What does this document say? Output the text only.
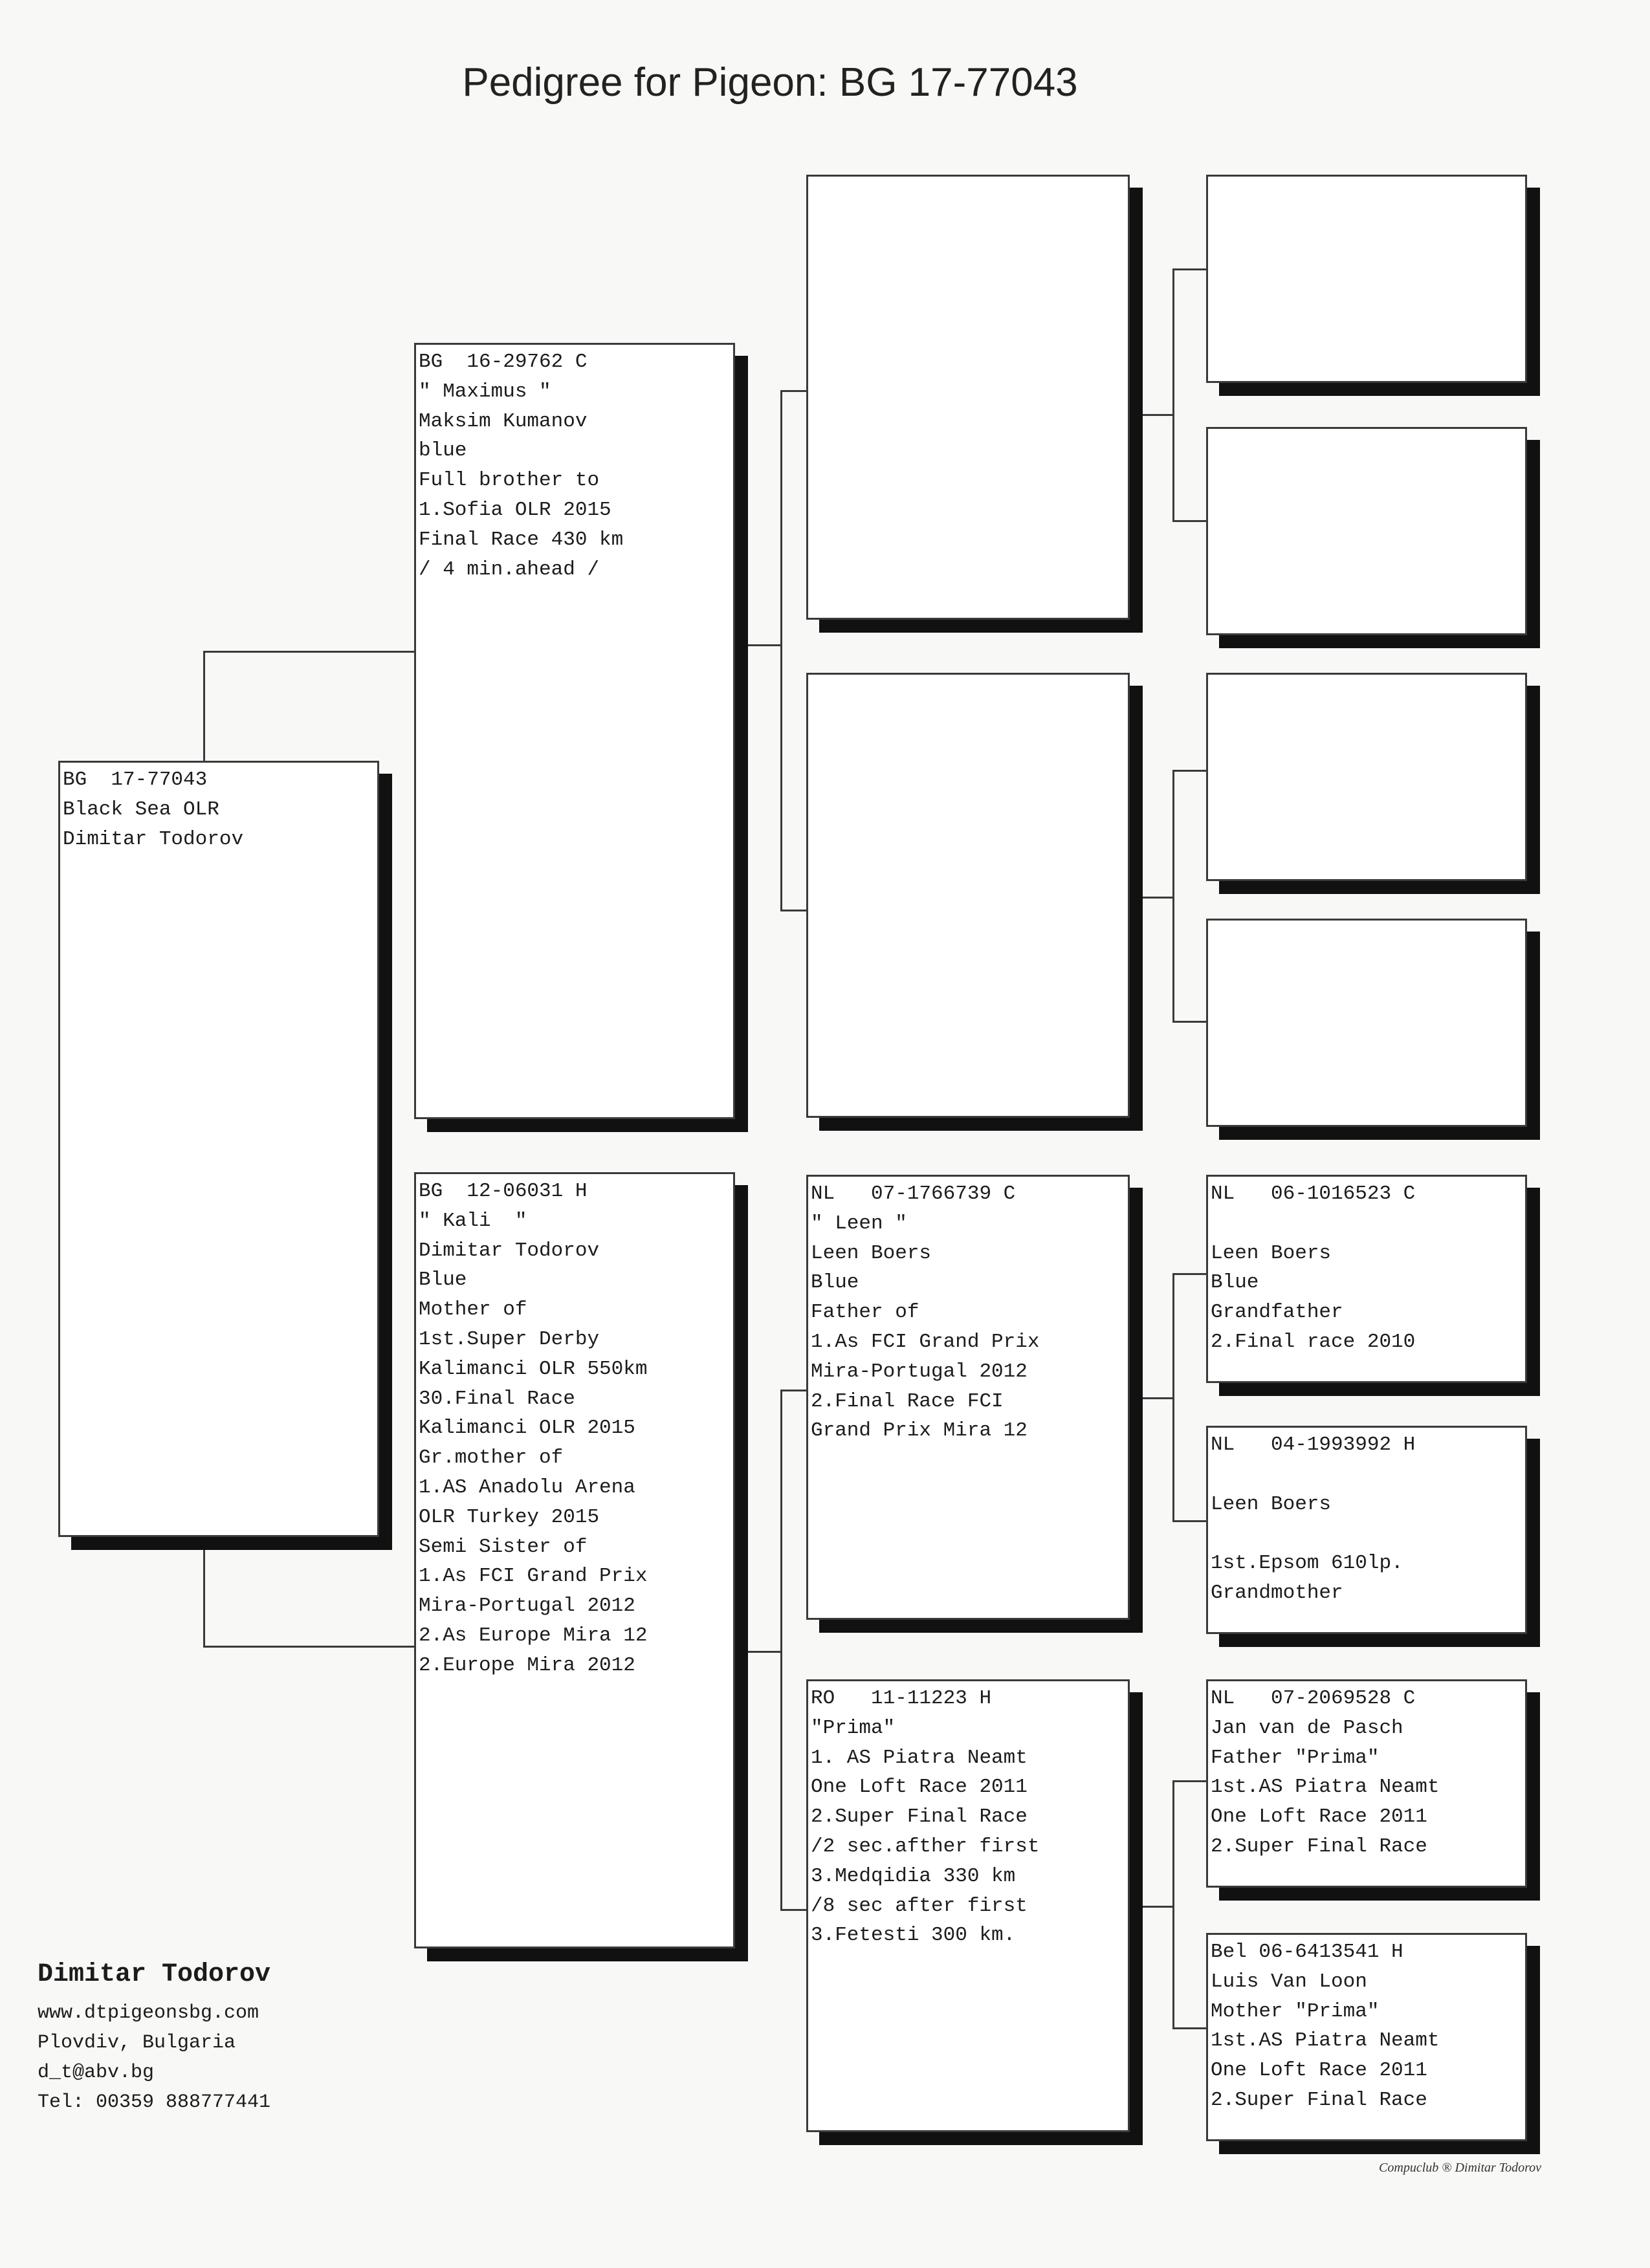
Pedigree for Pigeon: BG 17-77043
BG  17-77043
Black Sea OLR
Dimitar Todorov
BG  16-29762 C
" Maximus "
Maksim Kumanov
blue
Full brother to
1.Sofia OLR 2015
Final Race 430 km
/ 4 min.ahead /
BG  12-06031 H
" Kali  "
Dimitar Todorov
Blue
Mother of
1st.Super Derby
Kalimanci OLR 550km
30.Final Race
Kalimanci OLR 2015
Gr.mother of
1.AS Anadolu Arena
OLR Turkey 2015
Semi Sister of
1.As FCI Grand Prix
Mira-Portugal 2012
2.As Europe Mira 12
2.Europe Mira 2012
NL   07-1766739 C
" Leen "
Leen Boers
Blue
Father of
1.As FCI Grand Prix
Mira-Portugal 2012
2.Final Race FCI
Grand Prix Mira 12
RO   11-11223 H
"Prima"
1. AS Piatra Neamt
One Loft Race 2011
2.Super Final Race
/2 sec.afther first
3.Medqidia 330 km
/8 sec after first
3.Fetesti 300 km.
NL   06-1016523 C
Leen Boers
Blue
Grandfather
2.Final race 2010
NL   04-1993992 H
Leen Boers
1st.Epsom 610lp.
Grandmother
NL   07-2069528 C
Jan van de Pasch
Father "Prima"
1st.AS Piatra Neamt
One Loft Race 2011
2.Super Final Race
Bel 06-6413541 H
Luis Van Loon
Mother "Prima"
1st.AS Piatra Neamt
One Loft Race 2011
2.Super Final Race
Dimitar Todorov
www.dtpigeonsbg.com
Plovdiv, Bulgaria
d_t@abv.bg
Tel: 00359 888777441
Compuclub ® Dimitar Todorov
